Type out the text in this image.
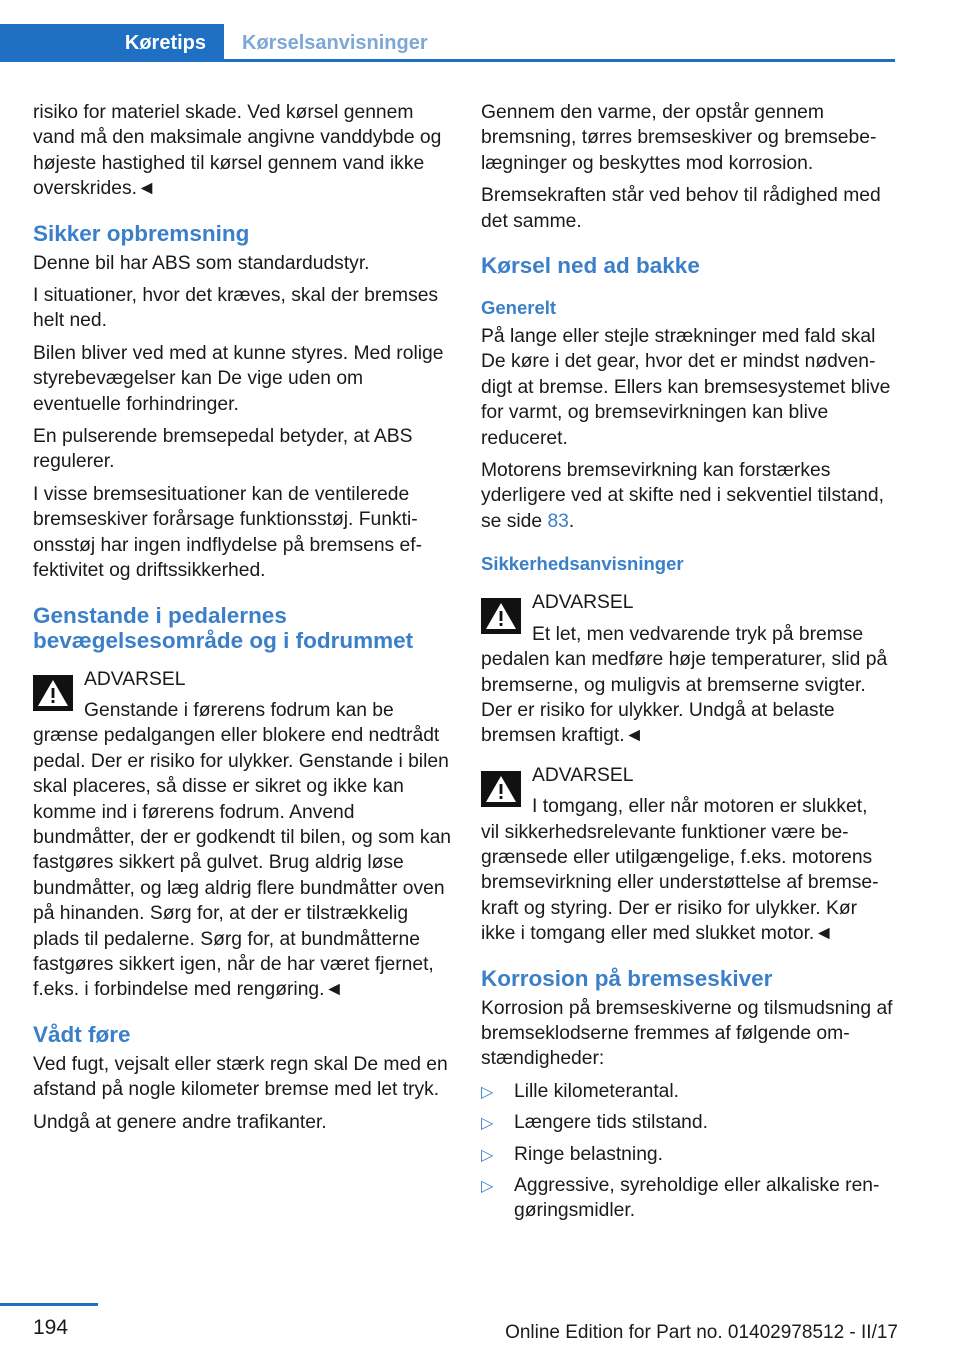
Køretips	Kørselsanvisninger

risiko for materiel skade. Ved kørsel gennem vand må den maksimale angivne vanddybde og højeste hastighed til kørsel gennem vand ikke overskrides.◄

Sikker opbremsning

Denne bil har ABS som standardudstyr.

I situationer, hvor det kræves, skal der bremses helt ned.

Bilen bliver ved med at kunne styres. Med rolige styrebevægelser kan De vige uden om eventuelle forhindringer.

En pulserende bremsepedal betyder, at ABS regulerer.

I visse bremsesituationer kan de ventilerede bremseskiver forårsage funktionsstøj. Funktionsstøj har ingen indflydelse på bremsens effektivitet og driftssikkerhed.

Genstande i pedalernes bevægelsesområde og i fodrummet
ADVARSEL
Genstande i førerens fodrum kan be
grænse pedalgangen eller blokere end nedtrådt pedal. Der er risiko for ulykker. Genstande i bilen skal placeres, så disse er sikret og ikke kan komme ind i førerens fodrum. Anvend bundmåtter, der er godkendt til bilen, og som kan fastgøres sikkert på gulvet. Brug aldrig løse bundmåtter, og læg aldrig flere bundmåtter oven på hinanden. Sørg for, at der er tilstrækkelig plads til pedalerne. Sørg for, at bundmåtterne fastgøres sikkert igen, når de har været fjernet, f.eks. i forbindelse med rengøring.◄
Vådt føre

Ved fugt, vejsalt eller stærk regn skal De med en afstand på nogle kilometer bremse med let tryk.

Undgå at genere andre trafikanter.

Gennem den varme, der opstår gennem bremsning, tørres bremseskiver og bremsebelægninger og beskyttes mod korrosion.

Bremsekraften står ved behov til rådighed med det samme.

Kørsel ned ad bakke
Generelt

På lange eller stejle strækninger med fald skal De køre i det gear, hvor det er mindst nødvendigt at bremse. Ellers kan bremsesystemet blive for varmt, og bremsevirkningen kan blive reduceret.

Motorens bremsevirkning kan forstærkes yderligere ved at skifte ned i sekventiel tilstand, se side 83.

Sikkerhedsanvisninger
ADVARSEL
Et let, men vedvarende tryk på bremse
pedalen kan medføre høje temperaturer, slid på bremserne, og muligvis at bremserne svigter. Der er risiko for ulykker. Undgå at belaste bremsen kraftigt.◄
ADVARSEL
I tomgang, eller når motoren er slukket,
vil sikkerhedsrelevante funktioner være begrænsede eller utilgængelige, f.eks. motorens bremsevirkning eller understøttelse af bremsekraft og styring. Der er risiko for ulykker. Kør ikke i tomgang eller med slukket motor.◄
Korrosion på bremseskiver

Korrosion på bremseskiverne og tilsmudsning af bremseklodserne fremmes af følgende omstændigheder:

▷ Lille kilometerantal.
▷ Længere tids stilstand.
▷ Ringe belastning.
▷ Aggressive, syreholdige eller alkaliske rengøringsmidler.
194	Online Edition for Part no. 01402978512 - II/17
